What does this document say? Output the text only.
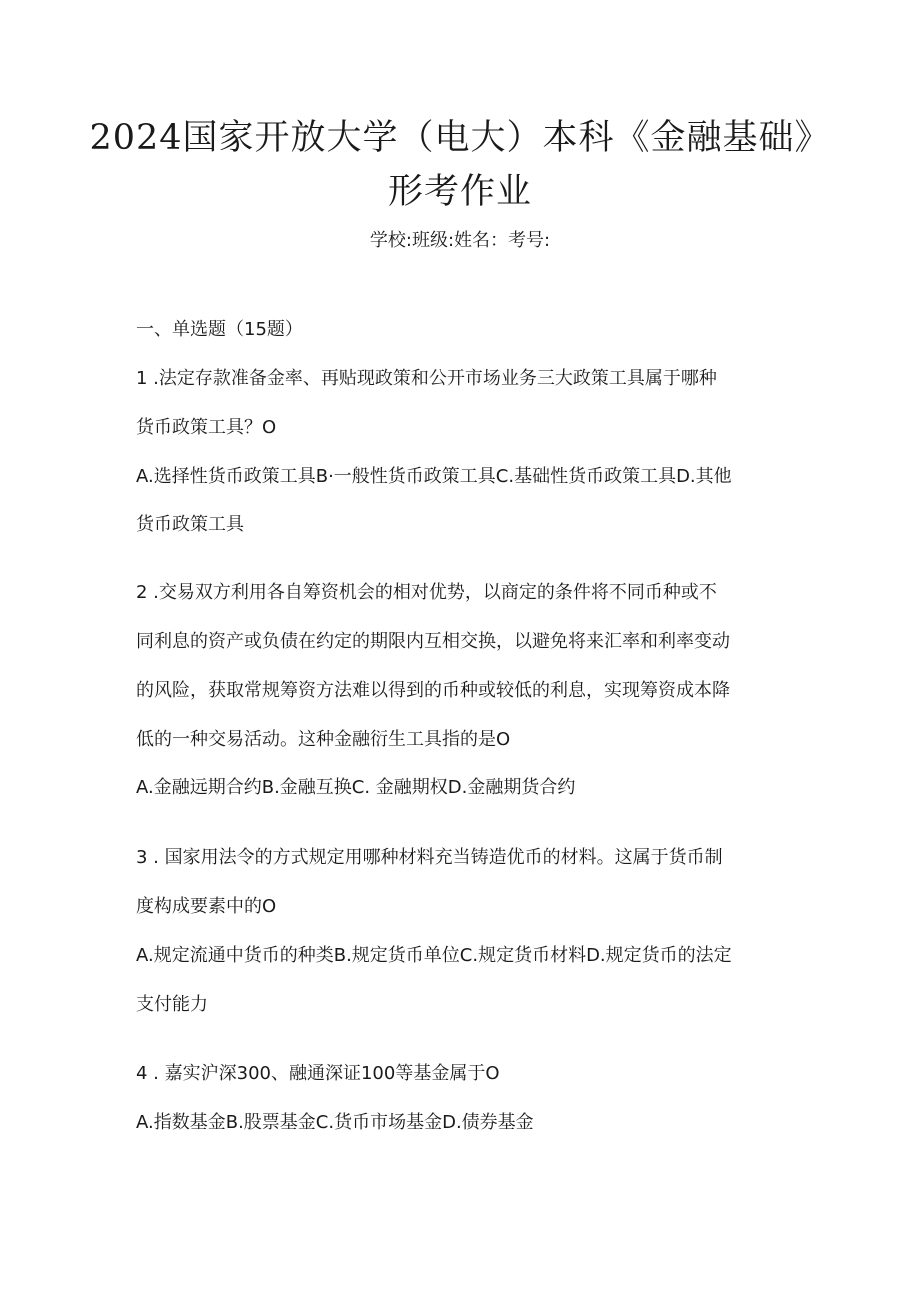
2024国家开放大学（电大）本科《金融基础》
形考作业
学校:班级:姓名：考号:

一、单选题（15题）

1 .法定存款准备金率、再贴现政策和公开市场业务三大政策工具属于哪种

货币政策工具？O

A.选择性货币政策工具B·一般性货币政策工具C.基础性货币政策工具D.其他

货币政策工具

2 .交易双方利用各自筹资机会的相对优势，以商定的条件将不同币种或不

同利息的资产或负债在约定的期限内互相交换，以避免将来汇率和利率变动

的风险，获取常规筹资方法难以得到的币种或较低的利息，实现筹资成本降

低的一种交易活动。这种金融衍生工具指的是O

A.金融远期合约B.金融互换C. 金融期权D.金融期货合约

3 . 国家用法令的方式规定用哪种材料充当铸造优币的材料。这属于货币制

度构成要素中的O

A.规定流通中货币的种类B.规定货币单位C.规定货币材料D.规定货币的法定

支付能力

4 . 嘉实沪深300、融通深证100等基金属于O

A.指数基金B.股票基金C.货币市场基金D.债券基金
